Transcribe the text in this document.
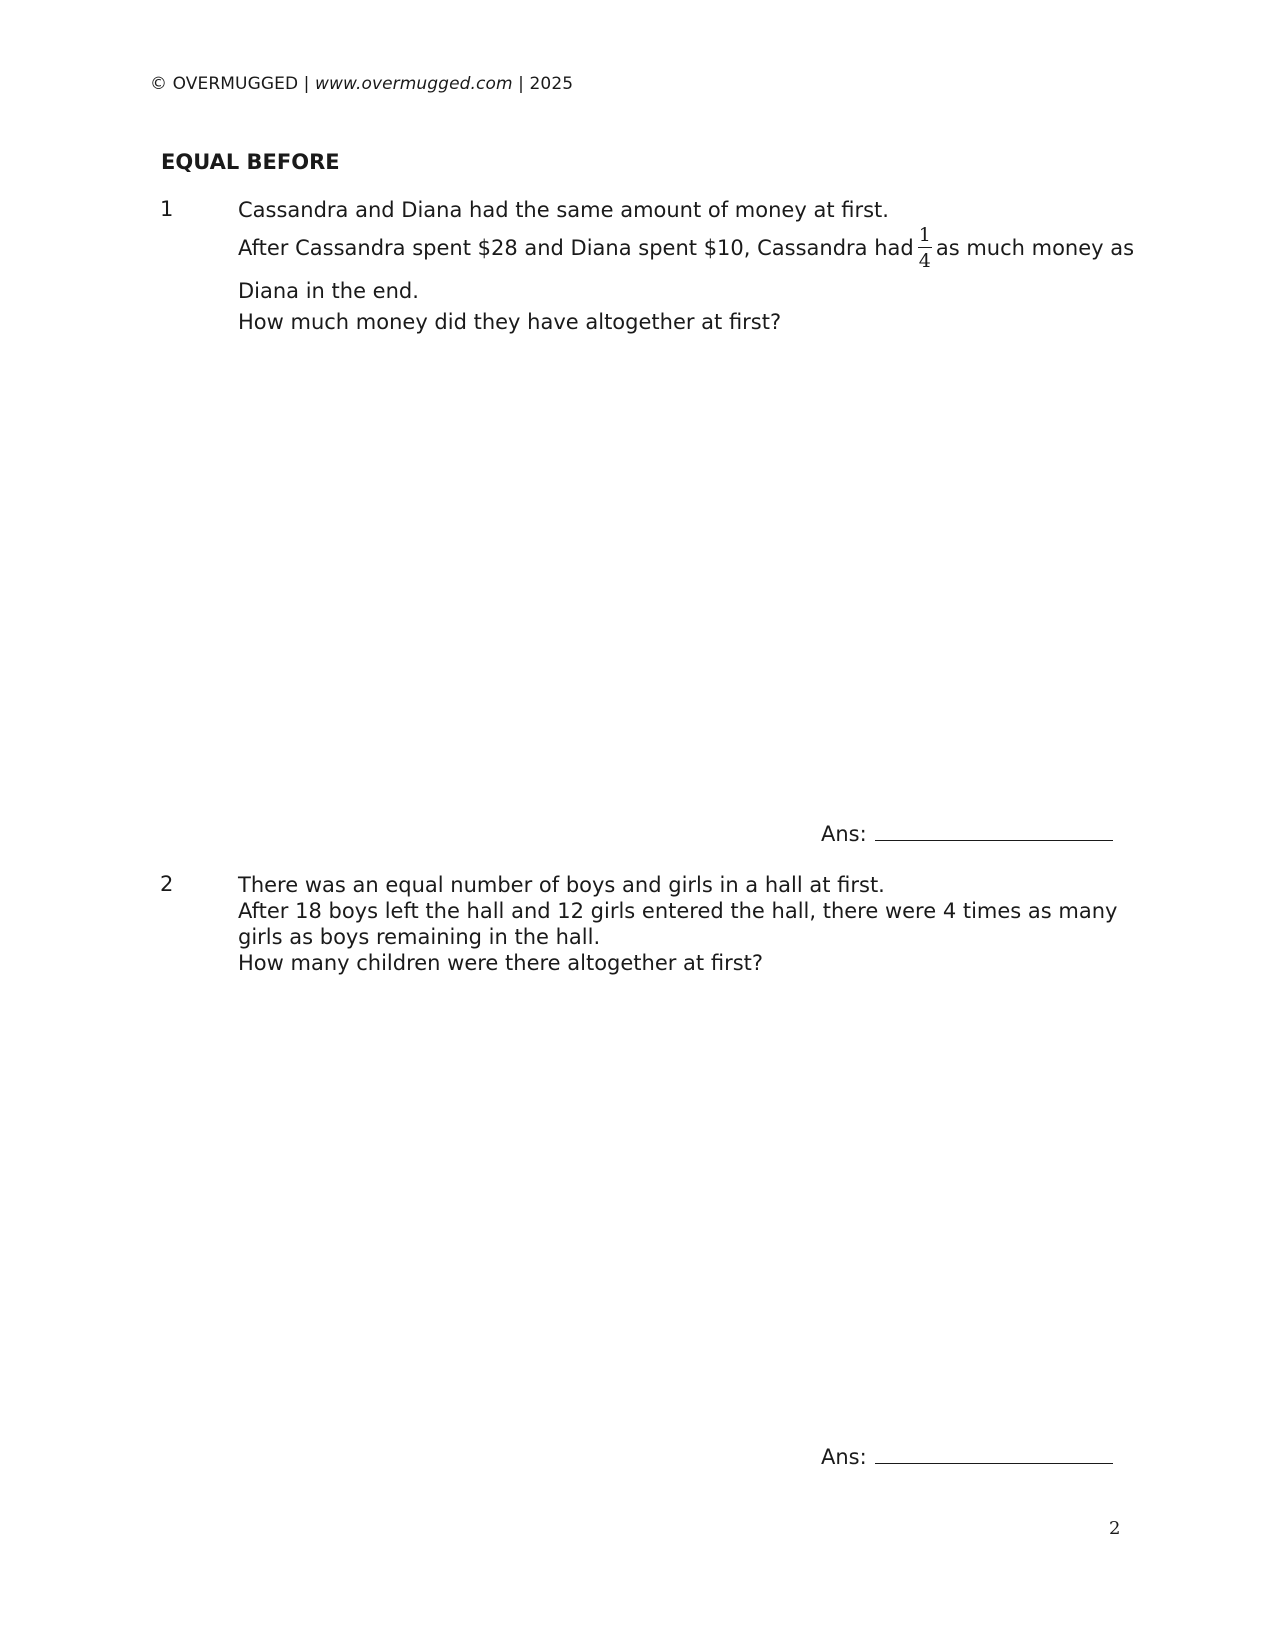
© OVERMUGGED | www.overmugged.com | 2025
EQUAL BEFORE
1	Cassandra and Diana had the same amount of money at first.

After Cassandra spent $28 and Diana spent $10, Cassandra had $\frac{1}{4}$ as much money as

Diana in the end.

How much money did they have altogether at first?

Ans:
2	There was an equal number of boys and girls in a hall at first.

After 18 boys left the hall and 12 girls entered the hall, there were 4 times as many

girls as boys remaining in the hall.

How many children were there altogether at first?

Ans:
2
